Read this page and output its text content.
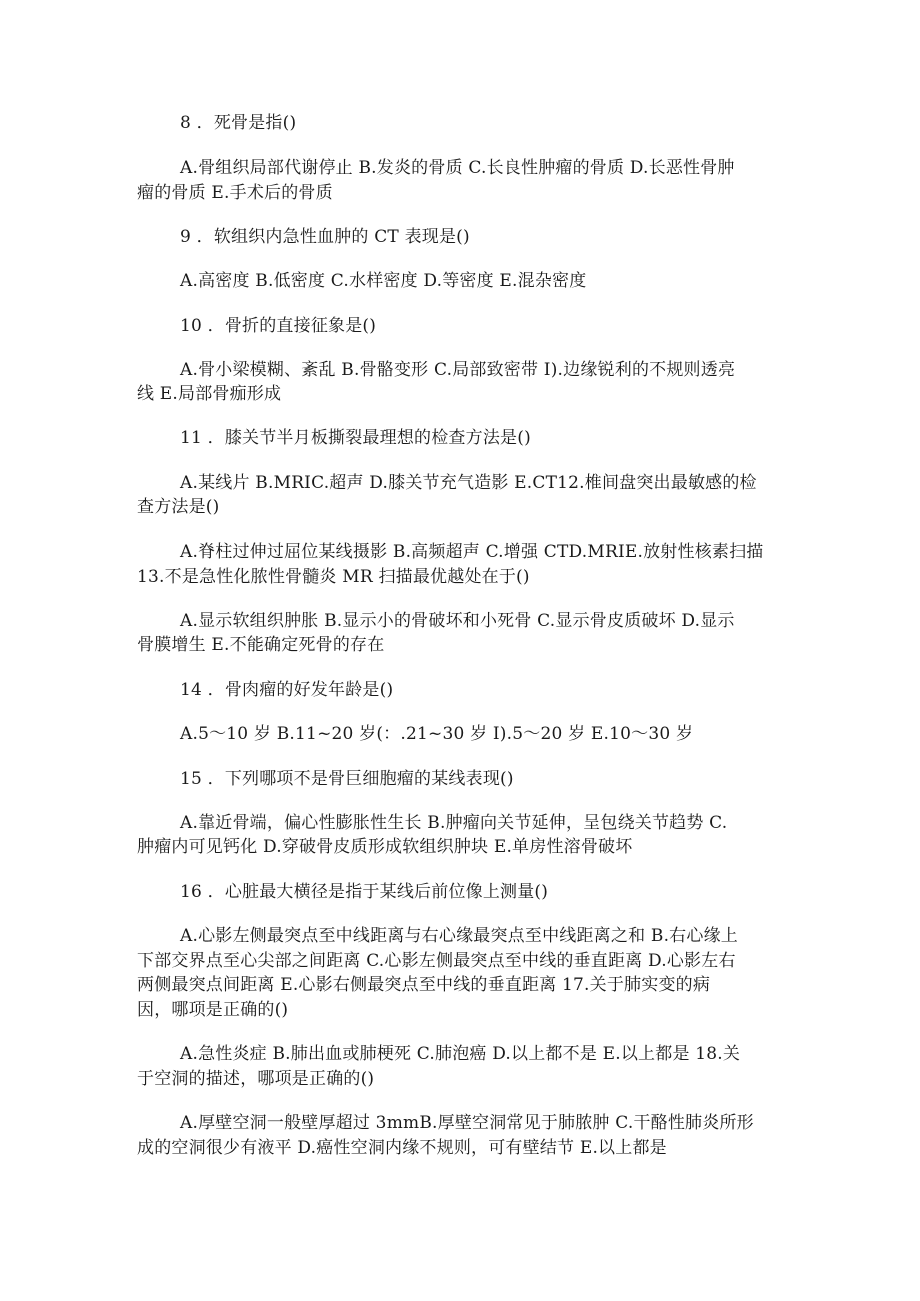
8 ．死骨是指()
A.骨组织局部代谢停止 B.发炎的骨质 C.长良性肿瘤的骨质 D.长恶性骨肿
瘤的骨质 E.手术后的骨质
9 ．软组织内急性血肿的 CT 表现是()
A.高密度 B.低密度 C.水样密度 D.等密度 E.混杂密度
10 ．骨折的直接征象是()
A.骨小梁模糊、紊乱 B.骨骼变形 C.局部致密带 I).边缘锐利的不规则透亮
线 E.局部骨痂形成
11 ．膝关节半月板撕裂最理想的检查方法是()
A.某线片 B.MRIC.超声 D.膝关节充气造影 E.CT12.椎间盘突出最敏感的检
查方法是()
A.脊柱过伸过屈位某线摄影 B.高频超声 C.增强 CTD.MRIE.放射性核素扫描
13.不是急性化脓性骨髓炎 MR 扫描最优越处在于()
A.显示软组织肿胀 B.显示小的骨破坏和小死骨 C.显示骨皮质破坏 D.显示
骨膜增生 E.不能确定死骨的存在
14 ．骨肉瘤的好发年龄是()
A.5～10 岁 B.11~20 岁(：.21~30 岁 I).5～20 岁 E.10～30 岁
15 ．下列哪项不是骨巨细胞瘤的某线表现()
A.靠近骨端，偏心性膨胀性生长 B.肿瘤向关节延伸，呈包绕关节趋势 C.
肿瘤内可见钙化 D.穿破骨皮质形成软组织肿块 E.单房性溶骨破坏
16 ．心脏最大横径是指于某线后前位像上测量()
A.心影左侧最突点至中线距离与右心缘最突点至中线距离之和 B.右心缘上
下部交界点至心尖部之间距离 C.心影左侧最突点至中线的垂直距离 D.心影左右
两侧最突点间距离 E.心影右侧最突点至中线的垂直距离 17.关于肺实变的病
因，哪项是正确的()
A.急性炎症 B.肺出血或肺梗死 C.肺泡癌 D.以上都不是 E.以上都是 18.关
于空洞的描述，哪项是正确的()
A.厚壁空洞一般壁厚超过 3mmB.厚壁空洞常见于肺脓肿 C.干酪性肺炎所形
成的空洞很少有液平 D.癌性空洞内缘不规则，可有壁结节 E.以上都是
